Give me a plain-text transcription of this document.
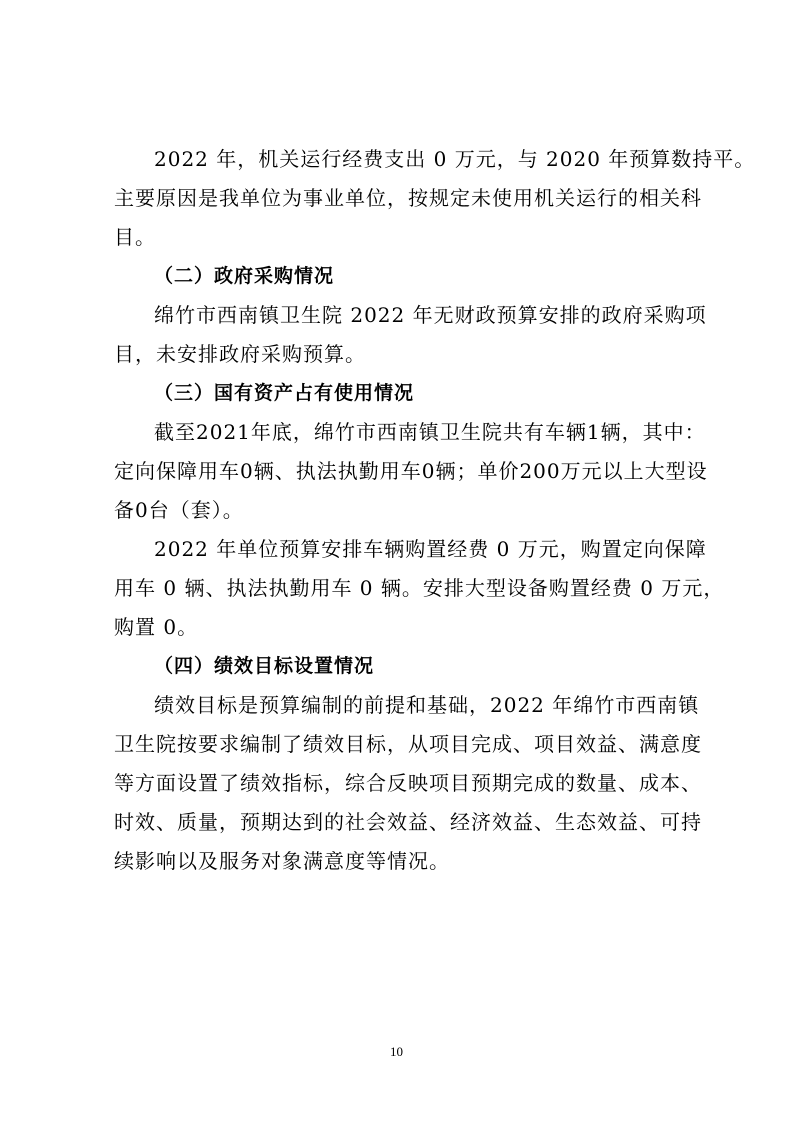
2022 年，机关运行经费支出 0 万元，与 2020 年预算数持平。
主要原因是我单位为事业单位，按规定未使用机关运行的相关科
目。

（二）政府采购情况

绵竹市西南镇卫生院 2022 年无财政预算安排的政府采购项
目，未安排政府采购预算。

（三）国有资产占有使用情况

截至2021年底，绵竹市西南镇卫生院共有车辆1辆，其中：
定向保障用车0辆、执法执勤用车0辆；单价200万元以上大型设
备0台（套）。

2022 年单位预算安排车辆购置经费 0 万元，购置定向保障
用车 0 辆、执法执勤用车 0 辆。安排大型设备购置经费 0 万元，
购置 0。

（四）绩效目标设置情况

绩效目标是预算编制的前提和基础，2022 年绵竹市西南镇
卫生院按要求编制了绩效目标，从项目完成、项目效益、满意度
等方面设置了绩效指标，综合反映项目预期完成的数量、成本、
时效、质量，预期达到的社会效益、经济效益、生态效益、可持
续影响以及服务对象满意度等情况。

10
